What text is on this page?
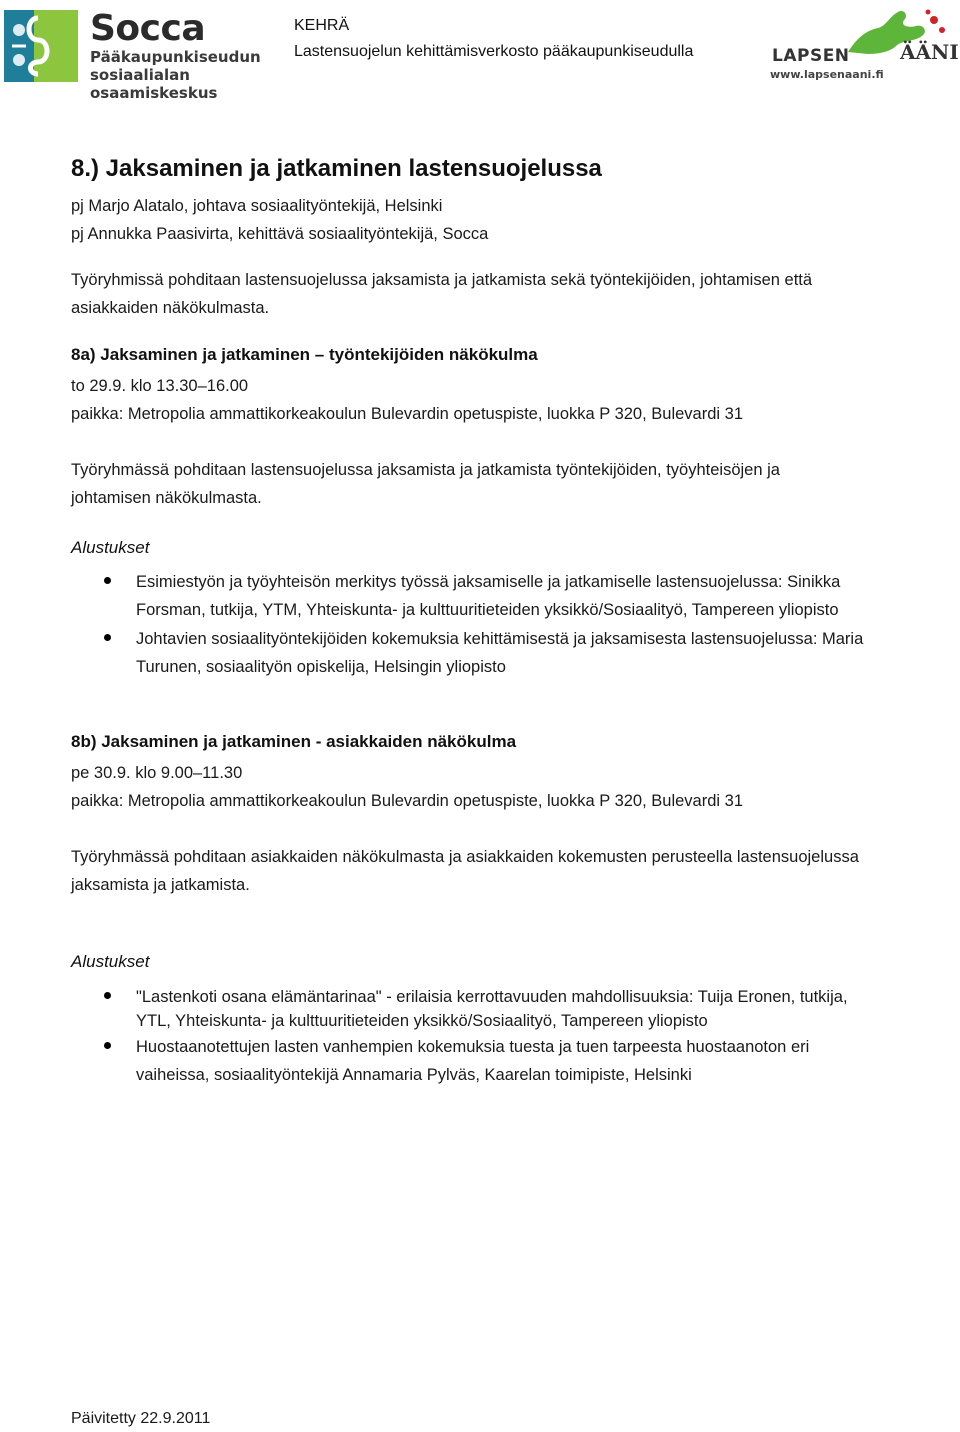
Socca
Pääkaupunkiseudun
sosiaalialan osaamiskeskus
KEHRÄ
Lastensuojelun kehittämisverkosto pääkaupunkiseudulla	LAPSEN	ÄÄNI
www.lapsenaani.fi
8.) Jaksaminen ja jatkaminen lastensuojelussa
pj Marjo Alatalo, johtava sosiaalityöntekijä, Helsinki
pj Annukka Paasivirta, kehittävä sosiaalityöntekijä, Socca
Työryhmissä pohditaan lastensuojelussa jaksamista ja jatkamista sekä työntekijöiden, johtamisen että
asiakkaiden näkökulmasta.
8a) Jaksaminen ja jatkaminen – työntekijöiden näkökulma
to 29.9. klo 13.30–16.00
paikka: Metropolia ammattikorkeakoulun Bulevardin opetuspiste, luokka P 320, Bulevardi 31
Työryhmässä pohditaan lastensuojelussa jaksamista ja jatkamista työntekijöiden, työyhteisöjen ja
johtamisen näkökulmasta.
Alustukset
Esimiestyön ja työyhteisön merkitys työssä jaksamiselle ja jatkamiselle lastensuojelussa: Sinikka
Forsman, tutkija, YTM, Yhteiskunta- ja kulttuuritieteiden yksikkö/Sosiaalityö, Tampereen yliopisto
Johtavien sosiaalityöntekijöiden kokemuksia kehittämisestä ja jaksamisesta lastensuojelussa: Maria
Turunen, sosiaalityön opiskelija, Helsingin yliopisto
8b) Jaksaminen ja jatkaminen - asiakkaiden näkökulma
pe 30.9. klo 9.00–11.30
paikka: Metropolia ammattikorkeakoulun Bulevardin opetuspiste, luokka P 320, Bulevardi 31
Työryhmässä pohditaan asiakkaiden näkökulmasta ja asiakkaiden kokemusten perusteella lastensuojelussa
jaksamista ja jatkamista.
Alustukset
"Lastenkoti osana elämäntarinaa" - erilaisia kerrottavuuden mahdollisuuksia: Tuija Eronen, tutkija,
YTL, Yhteiskunta- ja kulttuuritieteiden yksikkö/Sosiaalityö, Tampereen yliopisto
Huostaanotettujen lasten vanhempien kokemuksia tuesta ja tuen tarpeesta huostaanoton eri
vaiheissa, sosiaalityöntekijä Annamaria Pylväs, Kaarelan toimipiste, Helsinki
Päivitetty 22.9.2011
